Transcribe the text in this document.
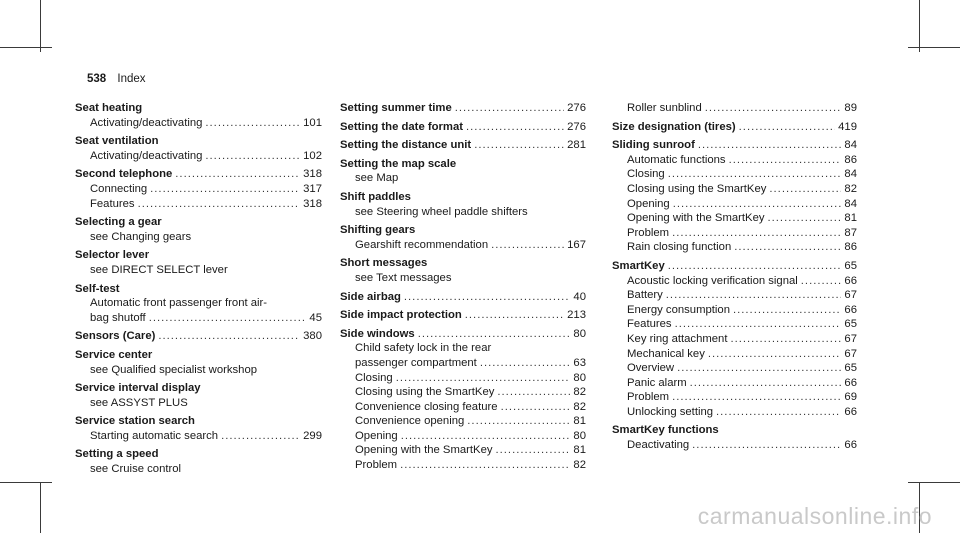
538 Index
Seat heating
Activating/deactivating .....	101
Seat ventilation
Activating/deactivating .....	102
Second telephone .....	318
Connecting .....	317
Features .....	318
Selecting a gear
see Changing gears
Selector lever
see DIRECT SELECT lever
Self-test
Automatic front passenger front air-
bag shutoff .....	45
Sensors (Care) .....	380
Service center
see Qualified specialist workshop
Service interval display
see ASSYST PLUS
Service station search
Starting automatic search .....	299
Setting a speed
see Cruise control
Setting summer time .....	276
Setting the date format .....	276
Setting the distance unit .....	281
Setting the map scale
see Map
Shift paddles
see Steering wheel paddle shifters
Shifting gears
Gearshift recommendation .....	167
Short messages
see Text messages
Side airbag .....	40
Side impact protection .....	213
Side windows .....	80
Child safety lock in the rear
passenger compartment .....	63
Closing .....	80
Closing using the SmartKey .....	82
Convenience closing feature .....	82
Convenience opening .....	81
Opening .....	80
Opening with the SmartKey .....	81
Problem .....	82
Roller sunblind .....	89
Size designation (tires) .....	419
Sliding sunroof .....	84
Automatic functions .....	86
Closing .....	84
Closing using the SmartKey .....	82
Opening .....	84
Opening with the SmartKey .....	81
Problem .....	87
Rain closing function .....	86
SmartKey .....	65
Acoustic locking verification signal .....	66
Battery .....	67
Energy consumption .....	66
Features .....	65
Key ring attachment .....	67
Mechanical key .....	67
Overview .....	65
Panic alarm .....	66
Problem .....	69
Unlocking setting .....	66
SmartKey functions
Deactivating .....	66
carmanualsonline.info
